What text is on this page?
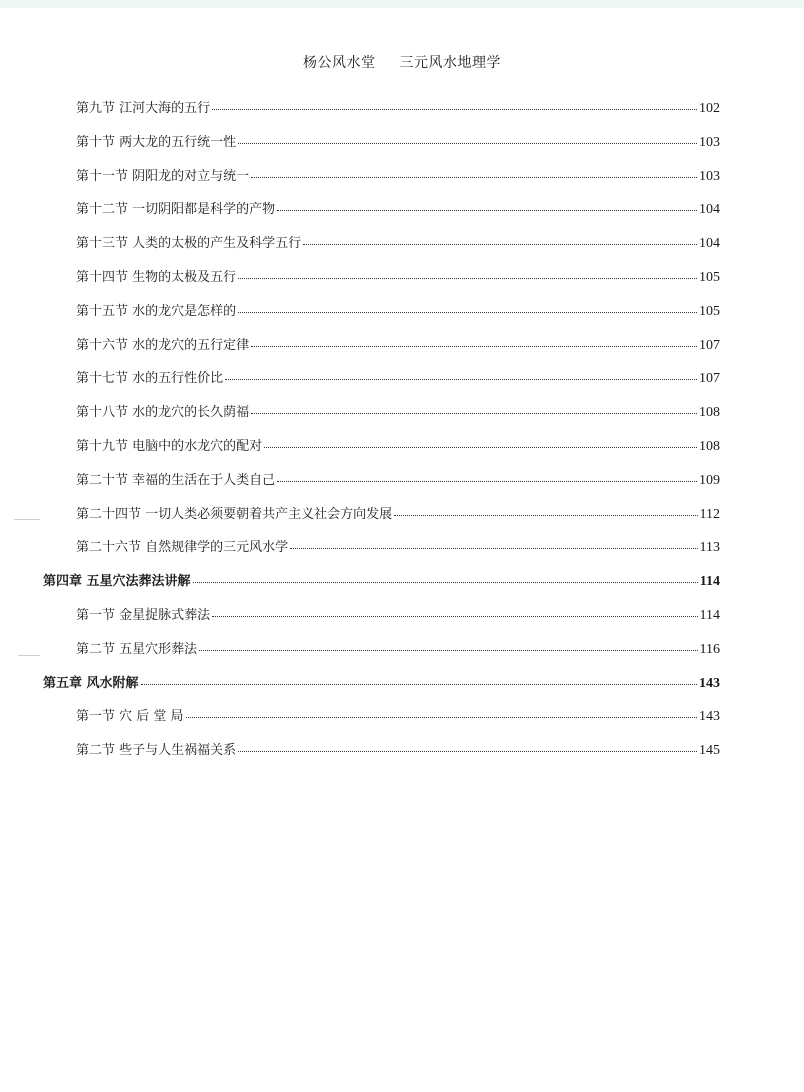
杨公风水堂 三元风水地理学
第九节 江河大海的五行	102
第十节 两大龙的五行统一性	103
第十一节 阴阳龙的对立与统一	103
第十二节 一切阴阳都是科学的产物	104
第十三节 人类的太极的产生及科学五行	104
第十四节 生物的太极及五行	105
第十五节 水的龙穴是怎样的	105
第十六节 水的龙穴的五行定律	107
第十七节 水的五行性价比	107
第十八节 水的龙穴的长久荫福	108
第十九节 电脑中的水龙穴的配对	108
第二十节 幸福的生活在于人类自己	109
第二十四节 一切人类必须要朝着共产主义社会方向发展	112
第二十六节 自然规律学的三元风水学	113
第四章 五星穴法葬法讲解	114
第一节 金星捉脉式葬法	114
第二节 五星穴形葬法	116
第五章 风水附解	143
第一节 穴 后 堂 局	143
第二节 些子与人生祸福关系	145
